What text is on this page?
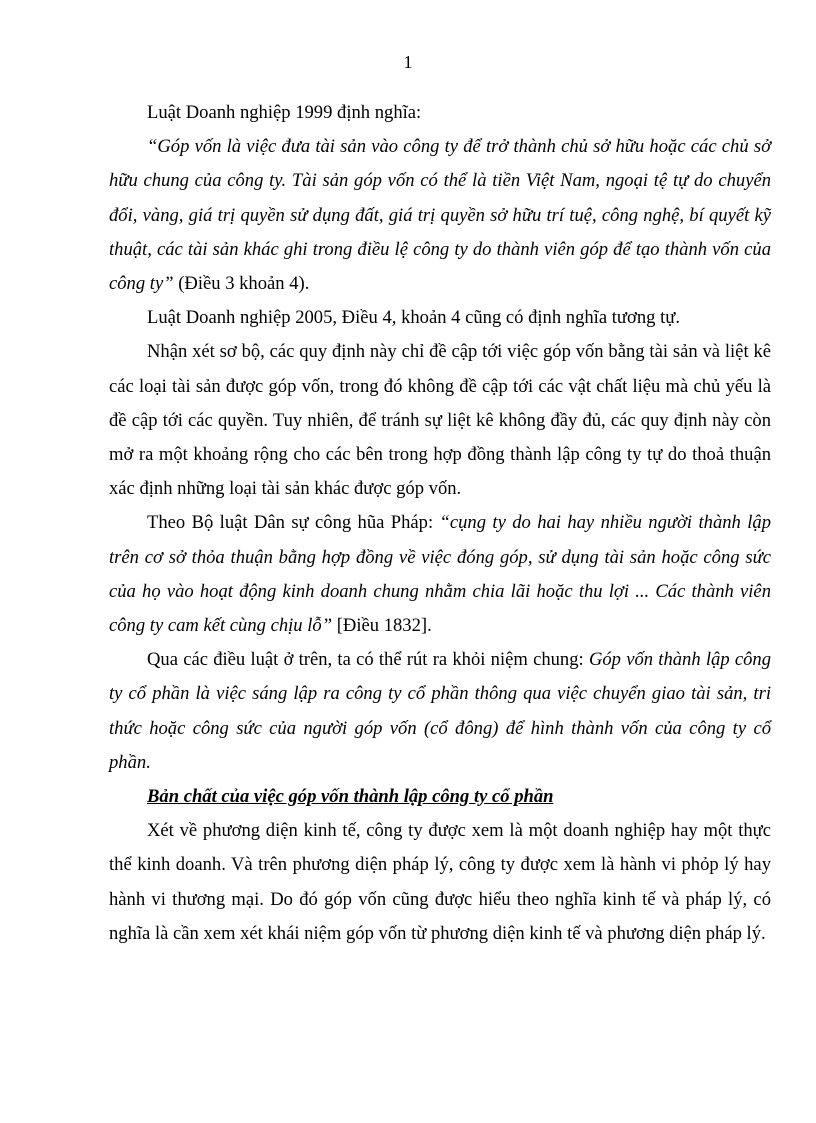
1

Luật Doanh nghiệp 1999 định nghĩa:

“Góp vốn là việc đưa tài sản vào công ty để trở thành chủ sở hữu hoặc các chủ sở hữu chung của công ty. Tài sản góp vốn có thể là tiền Việt Nam, ngoại tệ tự do chuyển đổi, vàng, giá trị quyền sử dụng đất, giá trị quyền sở hữu trí tuệ, công nghệ, bí quyết kỹ thuật, các tài sản khác ghi trong điều lệ công ty do thành viên góp để tạo thành vốn của công ty” (Điều 3 khoản 4).

Luật Doanh nghiệp 2005, Điều 4, khoản 4 cũng có định nghĩa tương tự.

Nhận xét sơ bộ, các quy định này chỉ đề cập tới việc góp vốn bằng tài sản và liệt kê các loại tài sản được góp vốn, trong đó không đề cập tới các vật chất liệu mà chủ yếu là đề cập tới các quyền. Tuy nhiên, để tránh sự liệt kê không đầy đủ, các quy định này còn mở ra một khoảng rộng cho các bên trong hợp đồng thành lập công ty tự do thoả thuận xác định những loại tài sản khác được góp vốn.

Theo Bộ luật Dân sự công hũa Pháp: “cụng ty do hai hay nhiều người thành lập trên cơ sở thỏa thuận bằng hợp đồng về việc đóng góp, sử dụng tài sản hoặc công sức của họ vào hoạt động kinh doanh chung nhằm chia lãi hoặc thu lợi ... Các thành viên công ty cam kết cùng chịu lỗ” [Điều 1832].

Qua các điều luật ở trên, ta có thể rút ra khỏi niệm chung: Góp vốn thành lập công ty cổ phần là việc sáng lập ra công ty cổ phần thông qua việc chuyển giao tài sản, tri thức hoặc công sức của người góp vốn (cổ đông) để hình thành vốn của công ty cổ phần.

Bản chất của việc góp vốn thành lập công ty cổ phần

Xét về phương diện kinh tế, công ty được xem là một doanh nghiệp hay một thực thể kinh doanh. Và trên phương diện pháp lý, công ty được xem là hành vi phỏp lý hay hành vi thương mại. Do đó góp vốn cũng được hiểu theo nghĩa kinh tế và pháp lý, có nghĩa là cần xem xét khái niệm góp vốn từ phương diện kinh tế và phương diện pháp lý.
